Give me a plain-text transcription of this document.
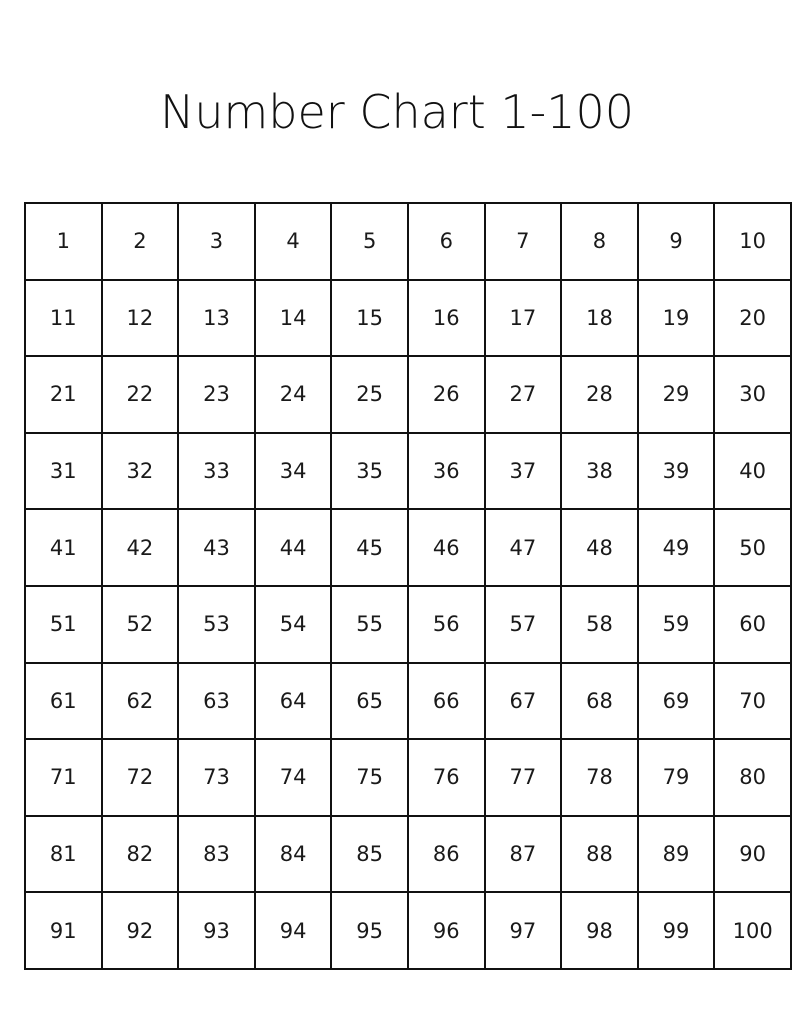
Number Chart 1-100
1	2	3	4	5	6	7	8	9	10
11	12	13	14	15	16	17	18	19	20
21	22	23	24	25	26	27	28	29	30
31	32	33	34	35	36	37	38	39	40
41	42	43	44	45	46	47	48	49	50
51	52	53	54	55	56	57	58	59	60
61	62	63	64	65	66	67	68	69	70
71	72	73	74	75	76	77	78	79	80
81	82	83	84	85	86	87	88	89	90
91	92	93	94	95	96	97	98	99	100
